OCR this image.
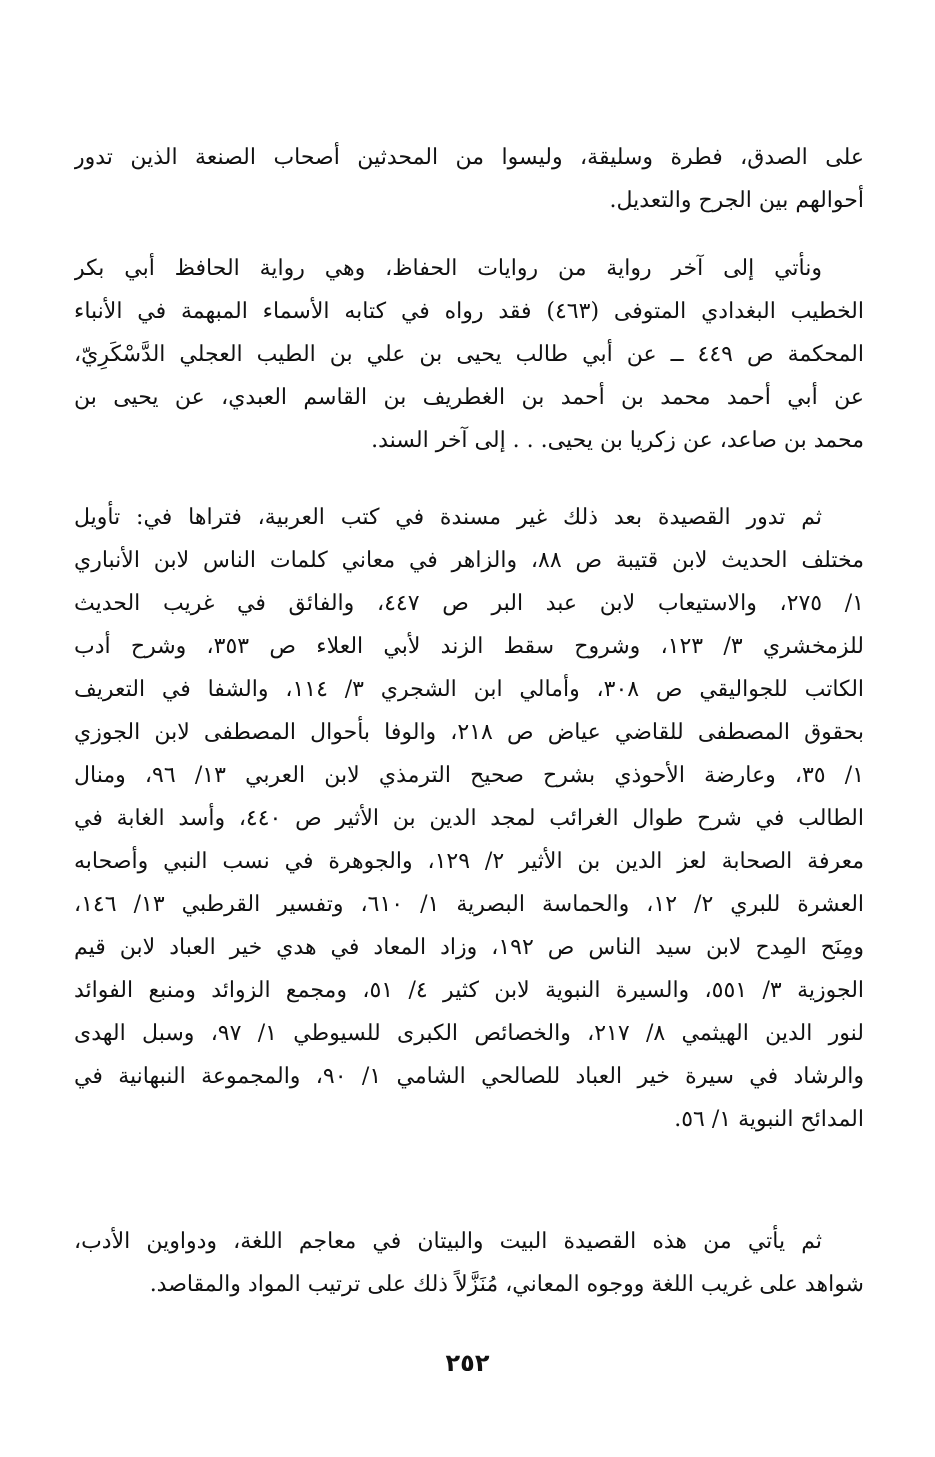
على الصدق، فطرة وسليقة، وليسوا من المحدثين أصحاب الصنعة الذين تدور
أحوالهم بين الجرح والتعديل.
ونأتي إلى آخر رواية من روايات الحفاظ، وهي رواية الحافظ أبي بكر
الخطيب البغدادي المتوفى (٤٦٣) فقد رواه في كتابه الأسماء المبهمة في الأنباء
المحكمة ص ٤٤٩ ــ عن أبي طالب يحيى بن علي بن الطيب العجلي الدَّسْكَرِيّ،
عن أبي أحمد محمد بن أحمد بن الغطريف بن القاسم العبدي، عن يحيى بن
محمد بن صاعد، عن زكريا بن يحيى. . . إلى آخر السند.
ثم تدور القصيدة بعد ذلك غير مسندة في كتب العربية، فتراها في: تأويل
مختلف الحديث لابن قتيبة ص ٨٨، والزاهر في معاني كلمات الناس لابن الأنباري
١/ ٢٧٥، والاستيعاب لابن عبد البر ص ٤٤٧، والفائق في غريب الحديث
للزمخشري ٣/ ١٢٣، وشروح سقط الزند لأبي العلاء ص ٣٥٣، وشرح أدب
الكاتب للجواليقي ص ٣٠٨، وأمالي ابن الشجري ٣/ ١١٤، والشفا في التعريف
بحقوق المصطفى للقاضي عياض ص ٢١٨، والوفا بأحوال المصطفى لابن الجوزي
١/ ٣٥، وعارضة الأحوذي بشرح صحيح الترمذي لابن العربي ١٣/ ٩٦، ومنال
الطالب في شرح طوال الغرائب لمجد الدين بن الأثير ص ٤٤٠، وأسد الغابة في
معرفة الصحابة لعز الدين بن الأثير ٢/ ١٢٩، والجوهرة في نسب النبي وأصحابه
العشرة للبري ٢/ ١٢، والحماسة البصرية ١/ ٦١٠، وتفسير القرطبي ١٣/ ١٤٦،
ومِنَح المِدح لابن سيد الناس ص ١٩٢، وزاد المعاد في هدي خير العباد لابن قيم
الجوزية ٣/ ٥٥١، والسيرة النبوية لابن كثير ٤/ ٥١، ومجمع الزوائد ومنبع الفوائد
لنور الدين الهيثمي ٨/ ٢١٧، والخصائص الكبرى للسيوطي ١/ ٩٧، وسبل الهدى
والرشاد في سيرة خير العباد للصالحي الشامي ١/ ٩٠، والمجموعة النبهانية في
المدائح النبوية ١/ ٥٦.
ثم يأتي من هذه القصيدة البيت والبيتان في معاجم اللغة، ودواوين الأدب،
شواهد على غريب اللغة ووجوه المعاني، مُنَزَّلاً ذلك على ترتيب المواد والمقاصد.
٢٥٢
